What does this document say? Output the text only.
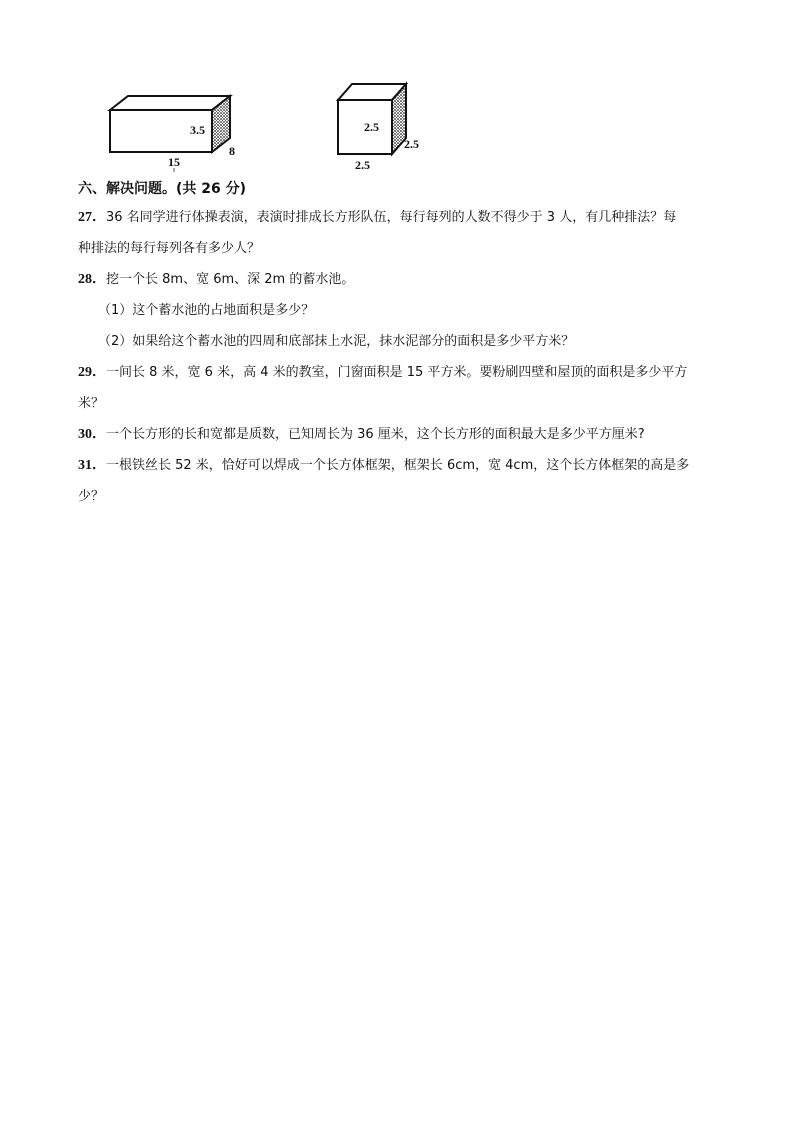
3.5
8
15
2.5
2.5
2.5

六、解决问题。(共 26 分)

27．36 名同学进行体操表演，表演时排成长方形队伍，每行每列的人数不得少于 3 人，有几种排法？每

种排法的每行每列各有多少人？

28．挖一个长 8m、宽 6m、深 2m 的蓄水池。

（1）这个蓄水池的占地面积是多少？

（2）如果给这个蓄水池的四周和底部抹上水泥，抹水泥部分的面积是多少平方米？

29．一间长 8 米，宽 6 米，高 4 米的教室，门窗面积是 15 平方米。要粉刷四壁和屋顶的面积是多少平方

米？

30．一个长方形的长和宽都是质数，已知周长为 36 厘米，这个长方形的面积最大是多少平方厘米?

31．一根铁丝长 52 米，恰好可以焊成一个长方体框架，框架长 6cm，宽 4cm，这个长方体框架的高是多

少？
